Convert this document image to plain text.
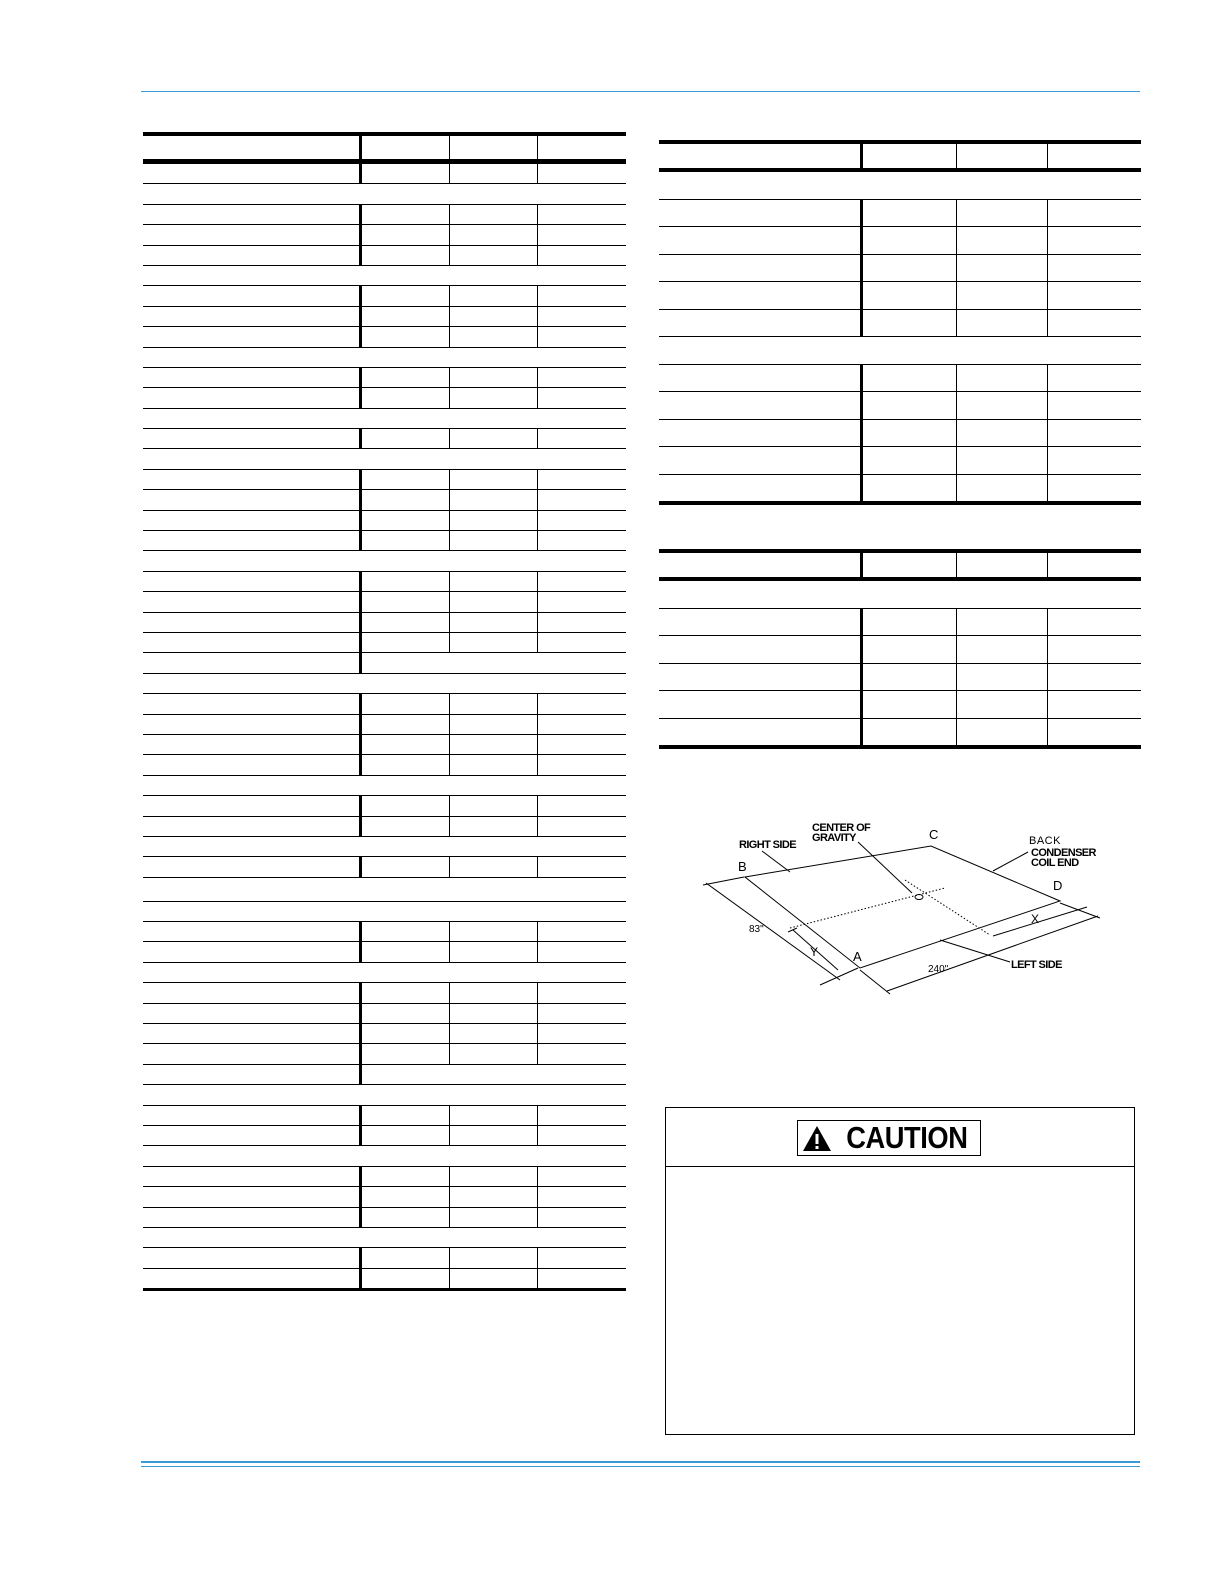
RIGHT SIDE
CENTER OF
GRAVITY	C
B
D
A
BACK
CONDENSER
COIL END
X
Y
83"
240"	LEFT SIDE
CAUTION
